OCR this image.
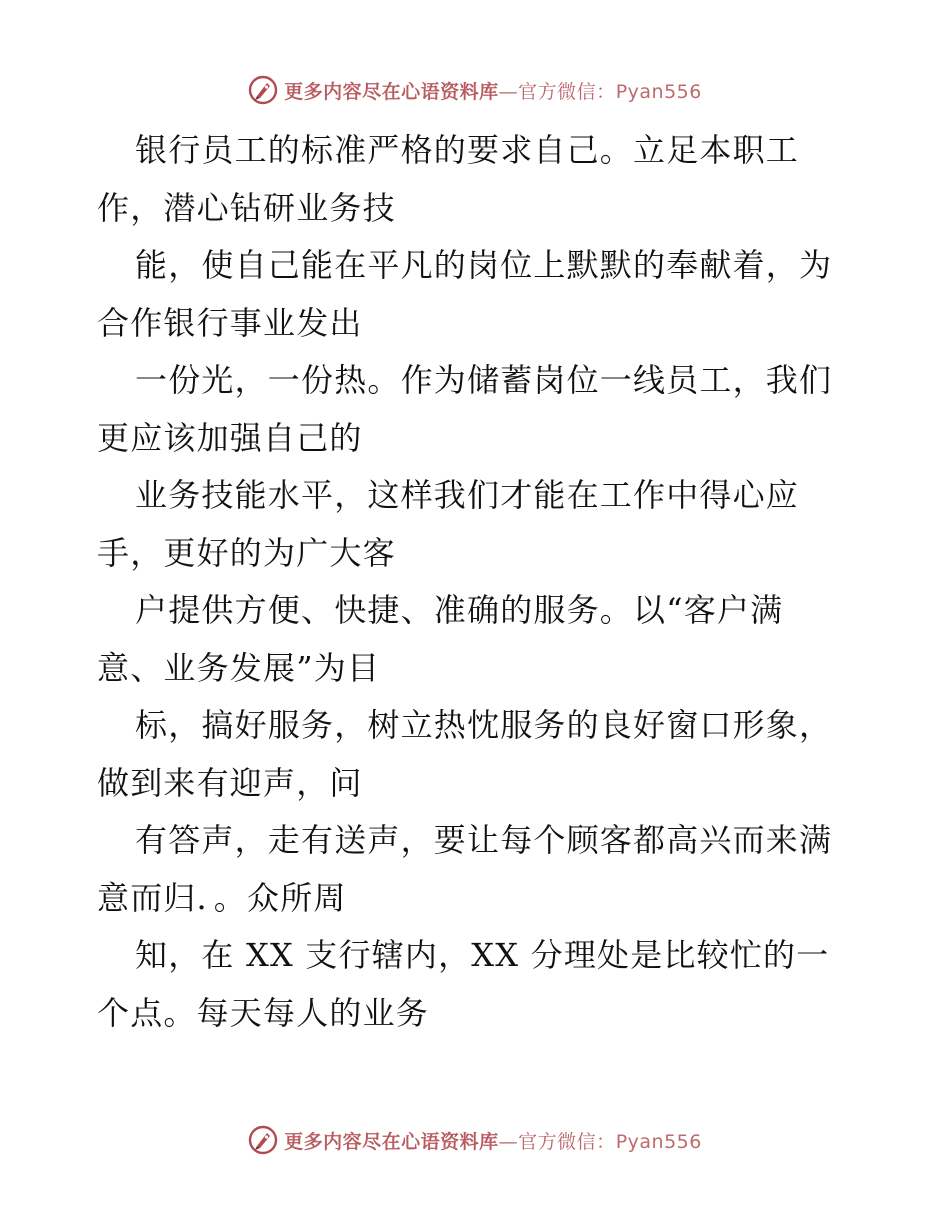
更多内容尽在心语资料库—官方微信：Pyan556
银行员工的标准严格的要求自己。立足本职工
作，潜心钻研业务技
能，使自己能在平凡的岗位上默默的奉献着，为
合作银行事业发出
一份光，一份热。作为储蓄岗位一线员工，我们
更应该加强自己的
业务技能水平，这样我们才能在工作中得心应
手，更好的为广大客
户提供方便、快捷、准确的服务。以“客户满
意、业务发展”为目
标，搞好服务，树立热忱服务的良好窗口形象，
做到来有迎声，问
有答声，走有送声，要让每个顾客都高兴而来满
意而归．。众所周
知，在 XX 支行辖内，XX 分理处是比较忙的一
个点。每天每人的业务
更多内容尽在心语资料库—官方微信：Pyan556
